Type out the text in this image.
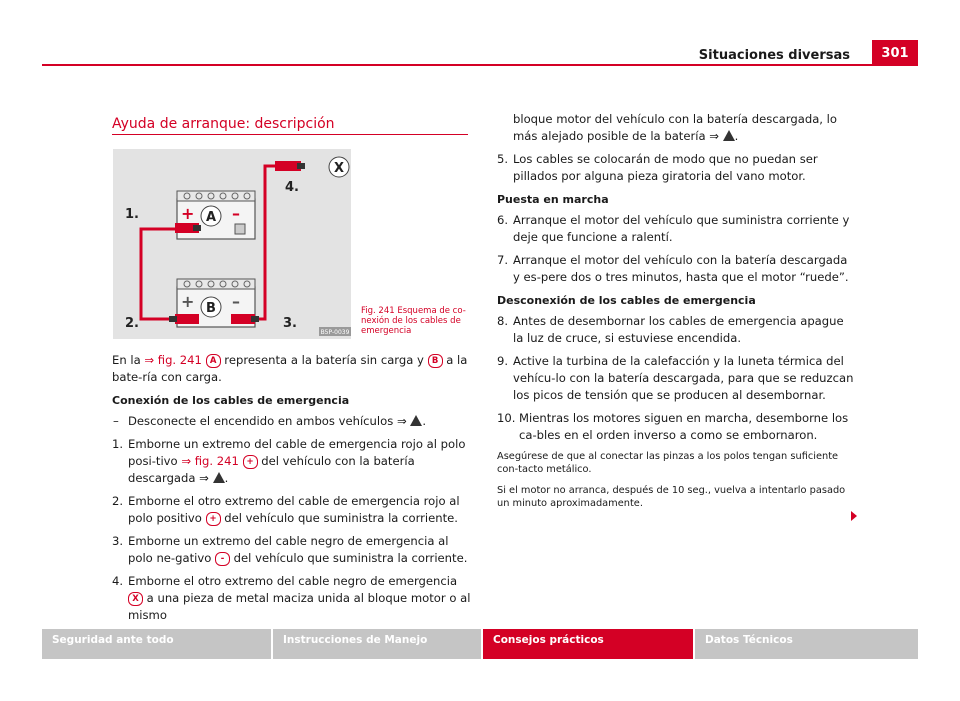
Situaciones diversas	301
Ayuda de arranque: descripción
+ –
+ –
A
B
X
1.
2.	3.
4.
B5P-0039
Fig. 241 Esquema de co-nexión de los cables de emergencia

En la ⇒ fig. 241 A representa a la batería sin carga y B a la bate-ría con carga.

Conexión de los cables de emergencia

– Desconecte el encendido en ambos vehículos ⇒ .

1. Emborne un extremo del cable de emergencia rojo al polo posi-tivo ⇒ fig. 241 + del vehículo con la batería descargada ⇒ .

2. Emborne el otro extremo del cable de emergencia rojo al polo positivo + del vehículo que suministra la corriente.

3. Emborne un extremo del cable negro de emergencia al polo ne-gativo - del vehículo que suministra la corriente.

4. Emborne el otro extremo del cable negro de emergencia X a una pieza de metal maciza unida al bloque motor o al mismo

bloque motor del vehículo con la batería descargada, lo más alejado posible de la batería ⇒ .

5. Los cables se colocarán de modo que no puedan ser pillados por alguna pieza giratoria del vano motor.

Puesta en marcha

6. Arranque el motor del vehículo que suministra corriente y deje que funcione a ralentí.

7. Arranque el motor del vehículo con la batería descargada y es-pere dos o tres minutos, hasta que el motor “ruede”.

Desconexión de los cables de emergencia

8. Antes de desembornar los cables de emergencia apague la luz de cruce, si estuviese encendida.

9. Active la turbina de la calefacción y la luneta térmica del vehícu-lo con la batería descargada, para que se reduzcan los picos de tensión que se producen al desembornar.

10. Mientras los motores siguen en marcha, desemborne los ca-bles en el orden inverso a como se embornaron.

Asegúrese de que al conectar las pinzas a los polos tengan suficiente con-tacto metálico.

Si el motor no arranca, después de 10 seg., vuelva a intentarlo pasado un minuto aproximadamente.

Seguridad ante todo	Instrucciones de Manejo	Consejos prácticos	Datos Técnicos
